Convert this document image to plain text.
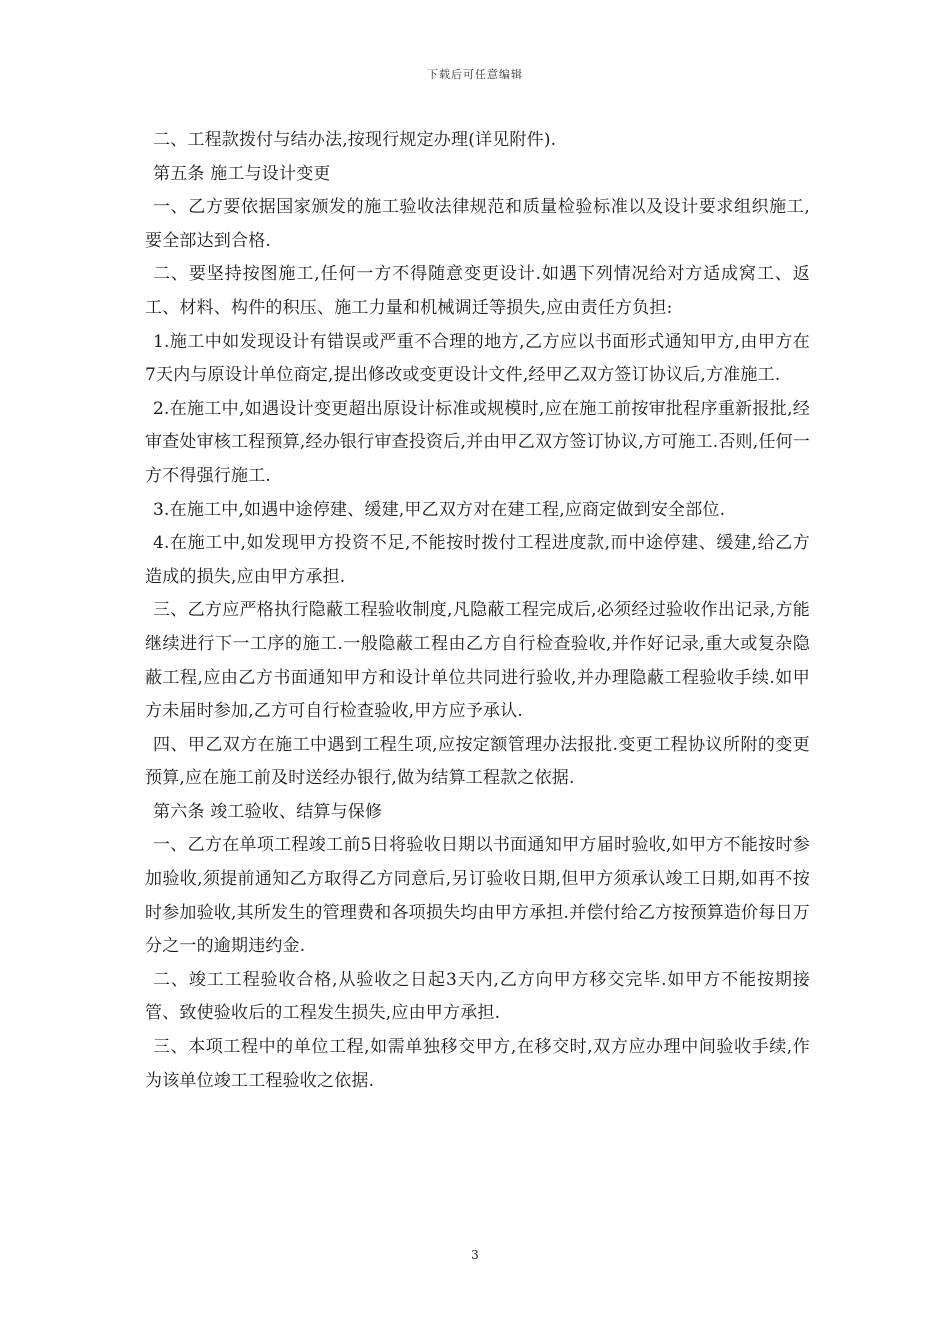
下载后可任意编辑

二、工程款拨付与结办法,按现行规定办理(详见附件).

第五条 施工与设计变更

一、乙方要依据国家颁发的施工验收法律规范和质量检验标准以及设计要求组织施工,要全部达到合格.

二、要坚持按图施工,任何一方不得随意变更设计.如遇下列情况给对方适成窝工、返工、材料、构件的积压、施工力量和机械调迁等损失,应由责任方负担:

1.施工中如发现设计有错误或严重不合理的地方,乙方应以书面形式通知甲方,由甲方在7天内与原设计单位商定,提出修改或变更设计文件,经甲乙双方签订协议后,方准施工.

2.在施工中,如遇设计变更超出原设计标准或规模时,应在施工前按审批程序重新报批,经审查处审核工程预算,经办银行审查投资后,并由甲乙双方签订协议,方可施工.否则,任何一方不得强行施工.

3.在施工中,如遇中途停建、缓建,甲乙双方对在建工程,应商定做到安全部位.

4.在施工中,如发现甲方投资不足,不能按时拨付工程进度款,而中途停建、缓建,给乙方造成的损失,应由甲方承担.

三、乙方应严格执行隐蔽工程验收制度,凡隐蔽工程完成后,必须经过验收作出记录,方能继续进行下一工序的施工.一般隐蔽工程由乙方自行检查验收,并作好记录,重大或复杂隐蔽工程,应由乙方书面通知甲方和设计单位共同进行验收,并办理隐蔽工程验收手续.如甲方未届时参加,乙方可自行检查验收,甲方应予承认.

四、甲乙双方在施工中遇到工程生项,应按定额管理办法报批.变更工程协议所附的变更预算,应在施工前及时送经办银行,做为结算工程款之依据.

第六条 竣工验收、结算与保修

一、乙方在单项工程竣工前5日将验收日期以书面通知甲方届时验收,如甲方不能按时参加验收,须提前通知乙方取得乙方同意后,另订验收日期,但甲方须承认竣工日期,如再不按时参加验收,其所发生的管理费和各项损失均由甲方承担.并偿付给乙方按预算造价每日万分之一的逾期违约金.

二、竣工工程验收合格,从验收之日起3天内,乙方向甲方移交完毕.如甲方不能按期接管、致使验收后的工程发生损失,应由甲方承担.

三、本项工程中的单位工程,如需单独移交甲方,在移交时,双方应办理中间验收手续,作为该单位竣工工程验收之依据.

3
